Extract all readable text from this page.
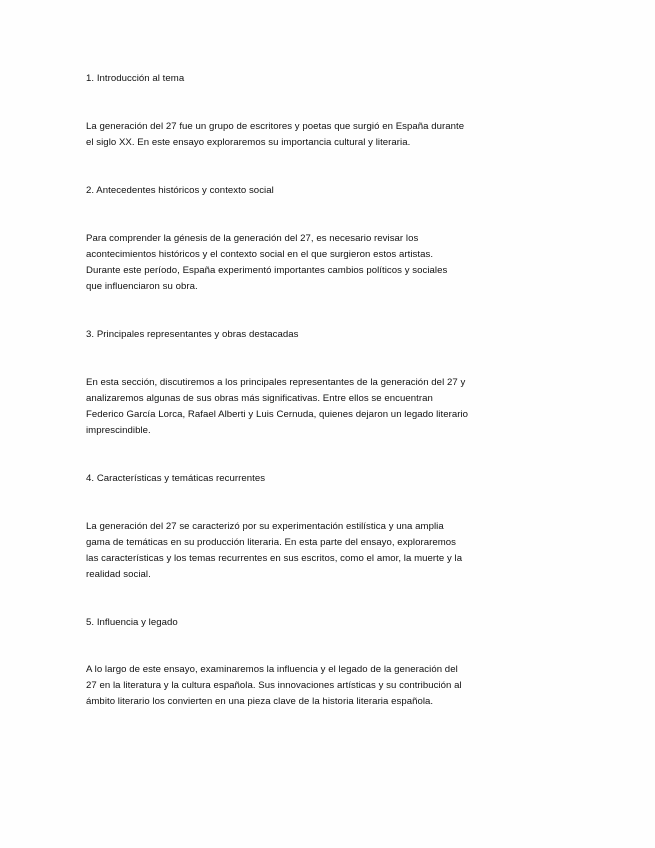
1. Introducción al tema
La generación del 27 fue un grupo de escritores y poetas que surgió en España durante
el siglo XX. En este ensayo exploraremos su importancia cultural y literaria.
2. Antecedentes históricos y contexto social
Para comprender la génesis de la generación del 27, es necesario revisar los
acontecimientos históricos y el contexto social en el que surgieron estos artistas.
Durante este período, España experimentó importantes cambios políticos y sociales
que influenciaron su obra.
3. Principales representantes y obras destacadas
En esta sección, discutiremos a los principales representantes de la generación del 27 y
analizaremos algunas de sus obras más significativas. Entre ellos se encuentran
Federico García Lorca, Rafael Alberti y Luis Cernuda, quienes dejaron un legado literario
imprescindible.
4. Características y temáticas recurrentes
La generación del 27 se caracterizó por su experimentación estilística y una amplia
gama de temáticas en su producción literaria. En esta parte del ensayo, exploraremos
las características y los temas recurrentes en sus escritos, como el amor, la muerte y la
realidad social.
5. Influencia y legado
A lo largo de este ensayo, examinaremos la influencia y el legado de la generación del
27 en la literatura y la cultura española. Sus innovaciones artísticas y su contribución al
ámbito literario los convierten en una pieza clave de la historia literaria española.
